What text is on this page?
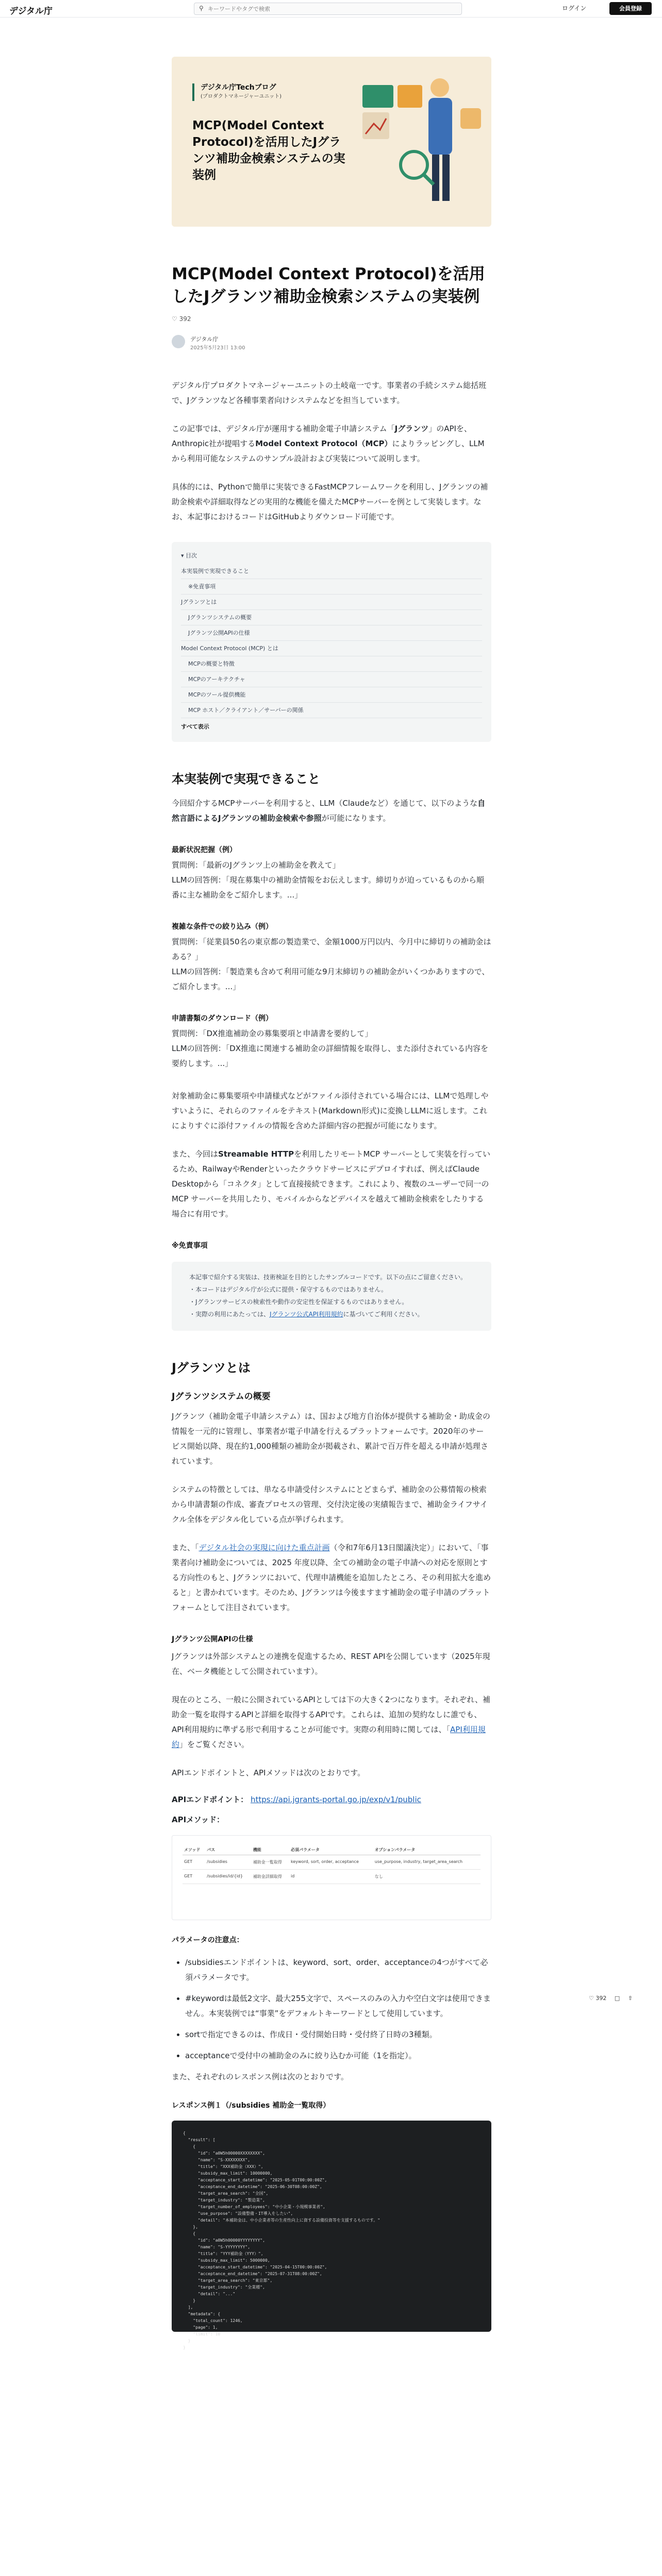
デジタル庁	⚲
キーワードやタグで検索	ログイン	会員登録
デジタル庁Techブログ
(プロダクトマネージャーユニット)
MCP(Model Context Protocol)を活用したJグランツ補助金検索システムの実装例
MCP(Model Context Protocol)を活用したJグランツ補助金検索システムの実装例
♡ 392
デジタル庁
2025年5月23日 13:00

デジタル庁プロダクトマネージャーユニットの土岐竜一です。事業者の手続システム総括班で、Jグランツなど各種事業者向けシステムなどを担当しています。

この記事では、デジタル庁が運用する補助金電子申請システム「Jグランツ」のAPIを、Anthropic社が提唱するModel Context Protocol（MCP）によりラッピングし、LLMから利用可能なシステムのサンプル設計および実装について説明します。

具体的には、Pythonで簡単に実装できるFastMCPフレームワークを利用し、Jグランツの補助金検索や詳細取得などの実用的な機能を備えたMCPサーバーを例として実装します。なお、本記事におけるコードはGitHubよりダウンロード可能です。

▾ 目次
本実装例で実現できること
※免責事項
Jグランツとは
Jグランツシステムの概要
Jグランツ公開APIの仕様
Model Context Protocol (MCP) とは
MCPの概要と特徴
MCPのアーキテクチャ
MCPのツール提供機能
MCP ホスト／クライアント／サーバーの関係
すべて表示
本実装例で実現できること

今回紹介するMCPサーバーを利用すると、LLM（Claudeなど）を通じて、以下のような自然言語によるJグランツの補助金検索や参照が可能になります。

最新状況把握（例）

質問例：「最新のJグランツ上の補助金を教えて」

LLMの回答例：「現在募集中の補助金情報をお伝えします。締切りが迫っているものから順番に主な補助金をご紹介します。...」

複雑な条件での絞り込み（例）

質問例：「従業員50名の東京都の製造業で、金額1000万円以内、今月中に締切りの補助金はある？」

LLMの回答例：「製造業も含めて利用可能な9月末締切りの補助金がいくつかありますので、ご紹介します。...」

申請書類のダウンロード（例）

質問例：「DX推進補助金の募集要項と申請書を要約して」

LLMの回答例：「DX推進に関連する補助金の詳細情報を取得し、また添付されている内容を要約します。...」

対象補助金に募集要項や申請様式などがファイル添付されている場合には、LLMで処理しやすいように、それらのファイルをテキスト(Markdown形式)に変換しLLMに返します。これによりすぐに添付ファイルの情報を含めた詳細内容の把握が可能になります。

また、今回はStreamable HTTPを利用したリモートMCP サーバーとして実装を行っているため、RailwayやRenderといったクラウドサービスにデプロイすれば、例えばClaude Desktopから「コネクタ」として直接接続できます。これにより、複数のユーザーで同一のMCP サーバーを共用したり、モバイルからなどデバイスを越えて補助金検索をしたりする場合に有用です。

※免責事項
本記事で紹介する実装は、技術検証を目的としたサンプルコードです。以下の点にご留意ください。
・本コードはデジタル庁が公式に提供・保守するものではありません。
・Jグランツサービスの検索性や動作の安定性を保証するものではありません。
・実際の利用にあたっては、Jグランツ公式API利用規約に基づいてご利用ください。
Jグランツとは
Jグランツシステムの概要

Jグランツ（補助金電子申請システム）は、国および地方自治体が提供する補助金・助成金の情報を一元的に管理し、事業者が電子申請を行えるプラットフォームです。2020年のサービス開始以降、現在約1,000種類の補助金が掲載され、累計で百万件を超える申請が処理されています。

システムの特徴としては、単なる申請受付システムにとどまらず、補助金の公募情報の検索から申請書類の作成、審査プロセスの管理、交付決定後の実績報告まで、補助金ライフサイクル全体をデジタル化している点が挙げられます。

また、「デジタル社会の実現に向けた重点計画（令和7年6月13日閣議決定）」において、「事業者向け補助金については、2025 年度以降、全ての補助金の電子申請への対応を原則とする方向性のもと、Jグランツにおいて、代理申請機能を追加したところ、その利用拡大を進めると」と書かれています。そのため、Jグランツは今後ますます補助金の電子申請のプラットフォームとして注目されています。

Jグランツ公開APIの仕様

Jグランツは外部システムとの連携を促進するため、REST APIを公開しています（2025年現在、ベータ機能として公開されています）。

現在のところ、一般に公開されているAPIとしては下の大きく2つになります。それぞれ、補助金一覧を取得するAPIと詳細を取得するAPIです。これらは、追加の契約なしに誰でも、API利用規約に準ずる形で利用することが可能です。実際の利用時に関しては、「API利用規約」をご覧ください。

APIエンドポイントと、APIメソッドは次のとおりです。

APIエンドポイント： https://api.jgrants-portal.go.jp/exp/v1/public
APIメソッド：
メソッド	パス	機能	必須パラメータ	オプションパラメータ
GET	/subsidies	補助金一覧取得	keyword, sort, order, acceptance	use_purpose, industry, target_area_search
GET	/subsidies/id/{id}	補助金詳細取得	id	なし
パラメータの注意点：
• /subsidiesエンドポイントは、keyword、sort、order、acceptanceの4つがすべて必須パラメータです。
• #keywordは最低2文字、最大255文字で、スペースのみの入力や空白文字は使用できません。本実装例では“事業”をデフォルトキーワードとして使用しています。
• sortで指定できるのは、作成日・受付開始日時・受付終了日時の3種類。
• acceptanceで受付中の補助金のみに絞り込むか可能（1を指定）。

また、それぞれのレスポンス例は次のとおりです。

レスポンス例１（/subsidies 補助金一覧取得）
{
"result": [
{
"id": "a0W5h00000XXXXXXXX",
"name": "S-XXXXXXXX",
"title": "XXX補助金（XXX）",
"subsidy_max_limit": 10000000,
"acceptance_start_datetime": "2025-05-01T00:00:00Z",
"acceptance_end_datetime": "2025-06-30T08:00:00Z",
"target_area_search": "全国",
"target_industry": "製造業",
"target_number_of_employees": "中小企業・小規模事業者",
"use_purpose": "設備整備・IT導入をしたい",
"detail": "本補助金は、中小企業者等の生産性向上に資する設備投資等を支援するものです。"
},
{
"id": "a0W5h00000YYYYYYYY",
"name": "S-YYYYYYYY",
"title": "YYY補助金（YYY）",
"subsidy_max_limit": 5000000,
"acceptance_start_datetime": "2025-04-15T00:00:00Z",
"acceptance_end_datetime": "2025-07-31T08:00:00Z",
"target_area_search": "東京都",
"target_industry": "全業種",
"detail": "..."
}
],
"metadata": {
"total_count": 1246,
"page": 1,
"limit": 10
}
}
♡ 392 □ ⇧
